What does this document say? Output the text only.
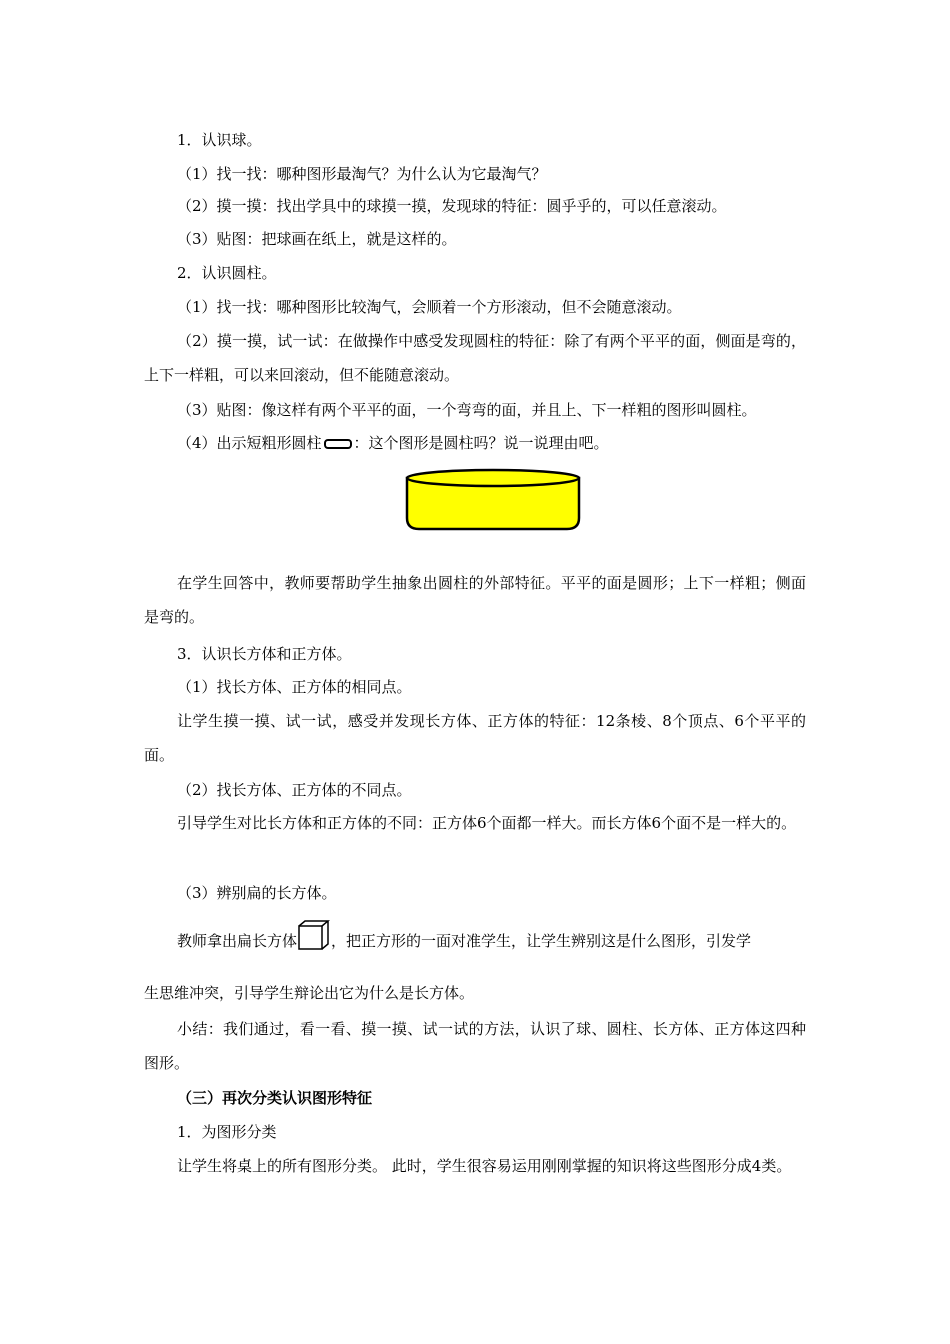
1．认识球。
（1）找一找：哪种图形最淘气？为什么认为它最淘气？
（2）摸一摸：找出学具中的球摸一摸，发现球的特征：圆乎乎的，可以任意滚动。
（3）贴图：把球画在纸上，就是这样的。
2．认识圆柱。
（1）找一找：哪种图形比较淘气，会顺着一个方形滚动，但不会随意滚动。
（2）摸一摸，试一试：在做操作中感受发现圆柱的特征：除了有两个平平的面，侧面是弯的，上下一样粗，可以来回滚动，但不能随意滚动。
（3）贴图：像这样有两个平平的面，一个弯弯的面，并且上、下一样粗的图形叫圆柱。
（4）出示短粗形圆柱 ：这个图形是圆柱吗？说一说理由吧。
在学生回答中，教师要帮助学生抽象出圆柱的外部特征。平平的面是圆形；上下一样粗；侧面是弯的。
3．认识长方体和正方体。
（1）找长方体、正方体的相同点。
让学生摸一摸、试一试，感受并发现长方体、正方体的特征：12条棱、8个顶点、6个平平的面。
（2）找长方体、正方体的不同点。
引导学生对比长方体和正方体的不同：正方体6个面都一样大。而长方体6个面不是一样大的。
（3）辨别扁的长方体。
教师拿出扁长方体 ，把正方形的一面对准学生，让学生辨别这是什么图形，引发学
生思维冲突，引导学生辩论出它为什么是长方体。
小结：我们通过，看一看、摸一摸、试一试的方法，认识了球、圆柱、长方体、正方体这四种图形。
（三）再次分类认识图形特征
1．为图形分类
让学生将桌上的所有图形分类。 此时，学生很容易运用刚刚掌握的知识将这些图形分成4类。
